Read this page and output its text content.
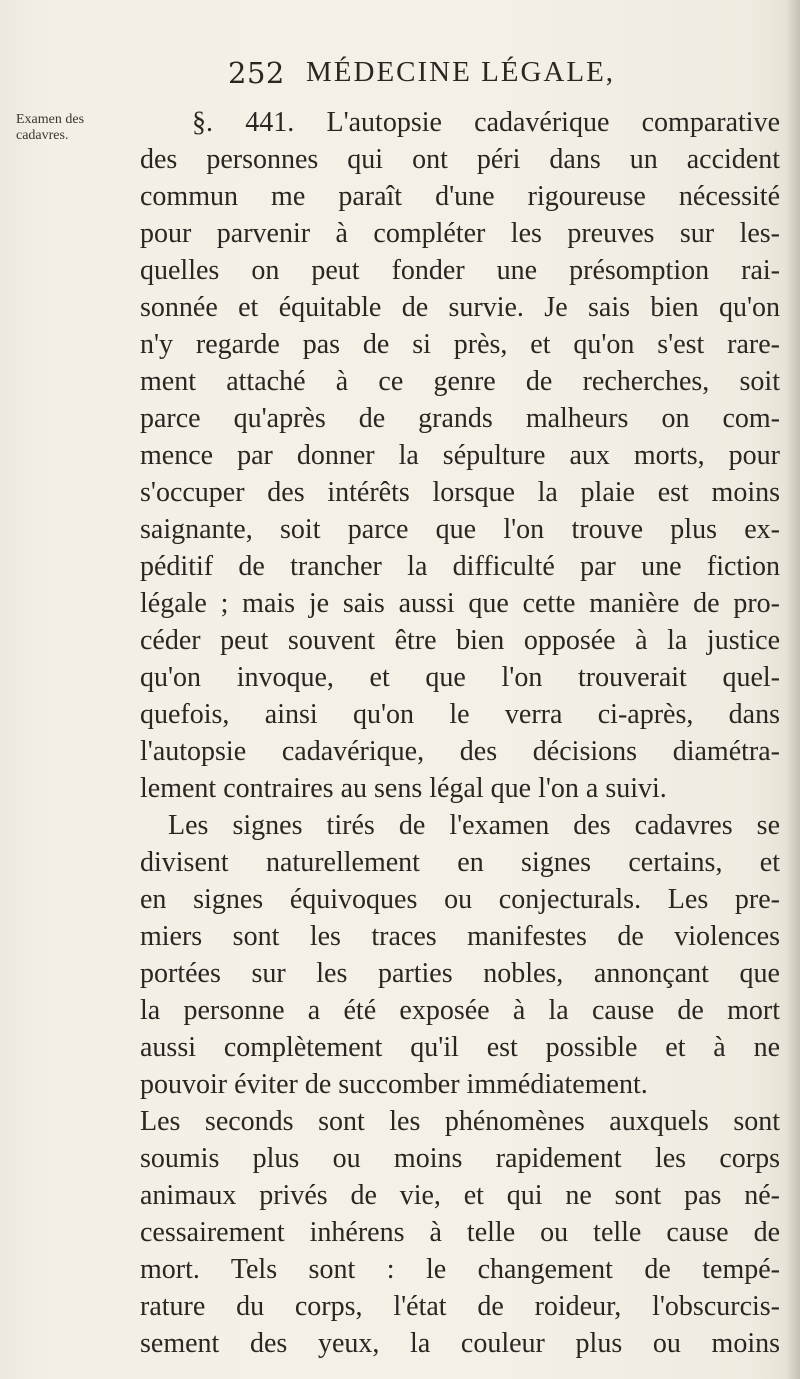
252 MÉDECINE LÉGALE,
Examen des
cadavres.	§. 441. L'autopsie cadavérique comparative
des personnes qui ont péri dans un accident
commun me paraît d'une rigoureuse nécessité
pour parvenir à compléter les preuves sur les-
quelles on peut fonder une présomption rai-
sonnée et équitable de survie. Je sais bien qu'on
n'y regarde pas de si près, et qu'on s'est rare-
ment attaché à ce genre de recherches, soit
parce qu'après de grands malheurs on com-
mence par donner la sépulture aux morts, pour
s'occuper des intérêts lorsque la plaie est moins
saignante, soit parce que l'on trouve plus ex-
péditif de trancher la difficulté par une fiction
légale ; mais je sais aussi que cette manière de pro-
céder peut souvent être bien opposée à la justice
qu'on invoque, et que l'on trouverait quel-
quefois, ainsi qu'on le verra ci-après, dans
l'autopsie cadavérique, des décisions diamétra-
lement contraires au sens légal que l'on a suivi.
Les signes tirés de l'examen des cadavres se
divisent naturellement en signes certains, et
en signes équivoques ou conjecturals. Les pre-
miers sont les traces manifestes de violences
portées sur les parties nobles, annonçant que
la personne a été exposée à la cause de mort
aussi complètement qu'il est possible et à ne
pouvoir éviter de succomber immédiatement.
Les seconds sont les phénomènes auxquels sont
soumis plus ou moins rapidement les corps
animaux privés de vie, et qui ne sont pas né-
cessairement inhérens à telle ou telle cause de
mort. Tels sont : le changement de tempé-
rature du corps, l'état de roideur, l'obscurcis-
sement des yeux, la couleur plus ou moins
